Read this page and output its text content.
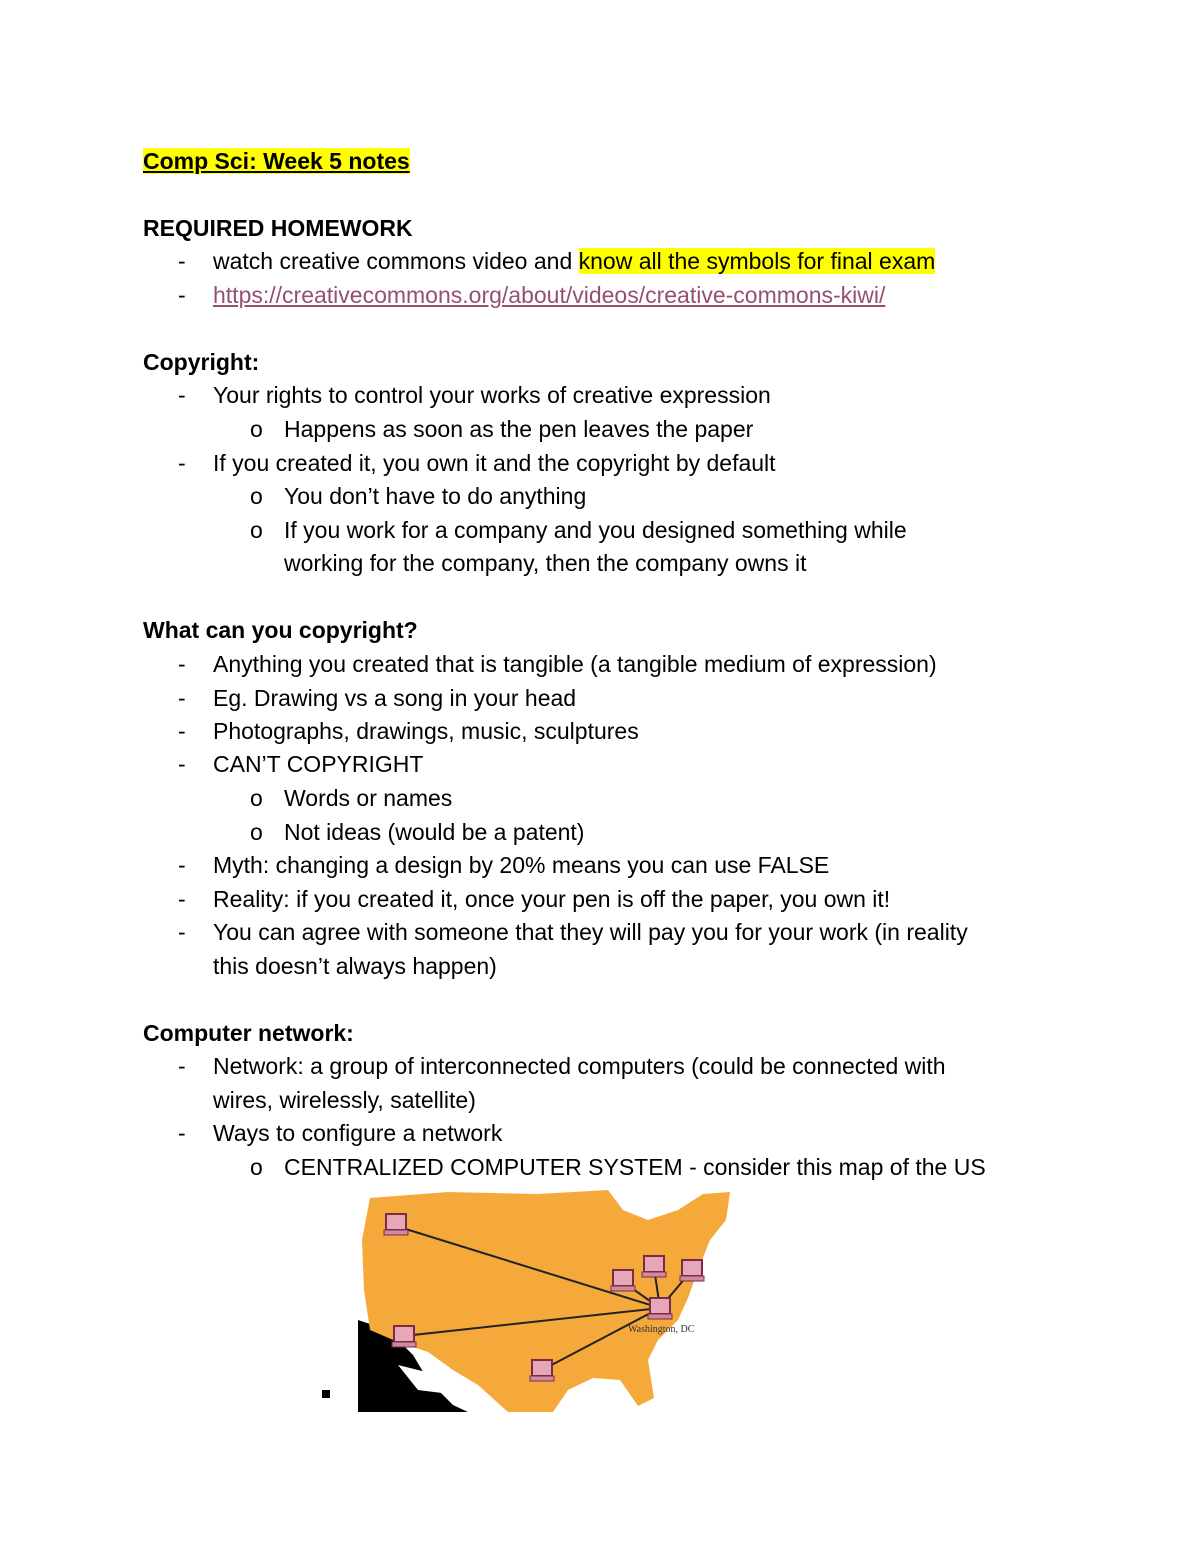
Comp Sci: Week 5 notes
REQUIRED HOMEWORK
- watch creative commons video and know all the symbols for final exam
- https://creativecommons.org/about/videos/creative-commons-kiwi/
Copyright:
- Your rights to control your works of creative expression
o Happens as soon as the pen leaves the paper
- If you created it, you own it and the copyright by default
o You don’t have to do anything
o If you work for a company and you designed something while
working for the company, then the company owns it
What can you copyright?
- Anything you created that is tangible (a tangible medium of expression)
- Eg. Drawing vs a song in your head
- Photographs, drawings, music, sculptures
- CAN’T COPYRIGHT
o Words or names
o Not ideas (would be a patent)
- Myth: changing a design by 20% means you can use FALSE
- Reality: if you created it, once your pen is off the paper, you own it!
- You can agree with someone that they will pay you for your work (in reality
this doesn’t always happen)
Computer network:
- Network: a group of interconnected computers (could be connected with
wires, wirelessly, satellite)
- Ways to configure a network
o CENTRALIZED COMPUTER SYSTEM - consider this map of the US
Washington, DC
